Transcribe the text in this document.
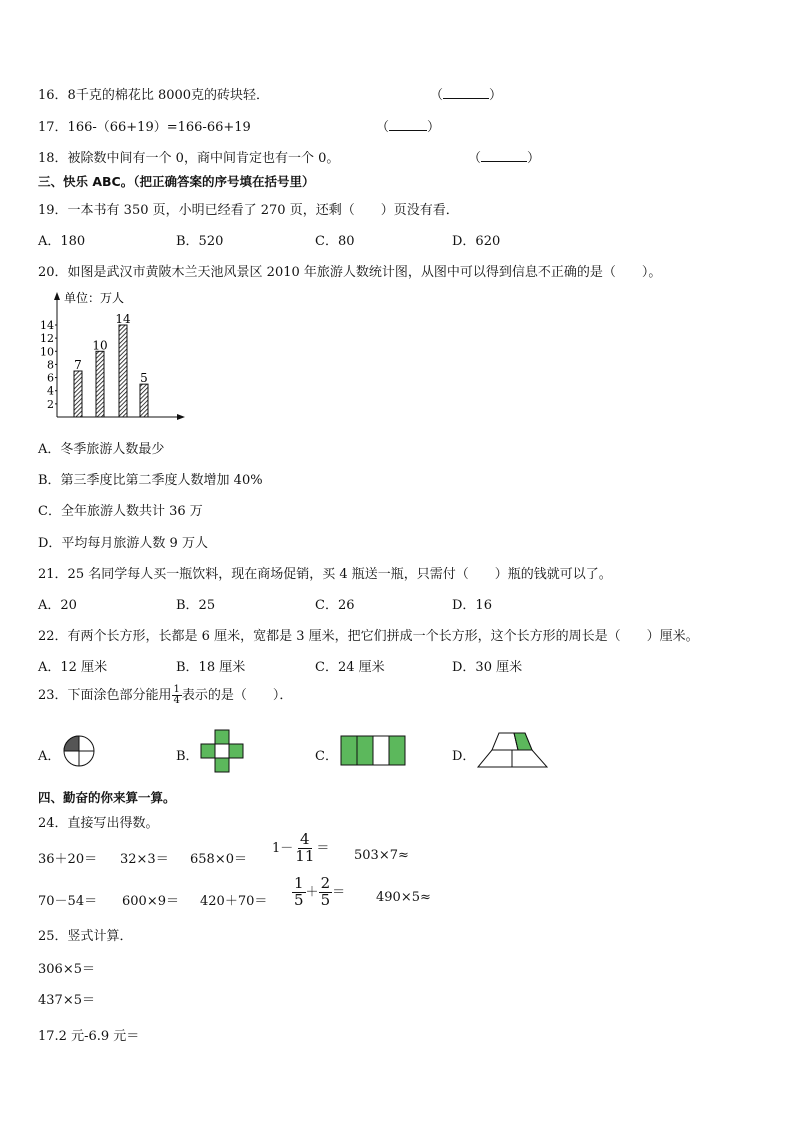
16．8千克的棉花比 8000克的砖块轻．	（	）
17．166-（66+19）=166-66+19	（	）
18．被除数中间有一个 0，商中间肯定也有一个 0。	（	）
三、快乐 ABC。（把正确答案的序号填在括号里）
19．一本书有 350 页，小明已经看了 270 页，还剩（　　）页没有看．
A．180	B．520	C．80	D．620
20．如图是武汉市黄陂木兰天池风景区 2010 年旅游人数统计图，从图中可以得到信息不正确的是（　　）。
单位：万人
2
4
6
8
10
12
14
7
10
14
5
A．冬季旅游人数最少
B．第三季度比第二季度人数增加 40%
C．全年旅游人数共计 36 万
D．平均每月旅游人数 9 万人
21．25 名同学每人买一瓶饮料，现在商场促销，买 4 瓶送一瓶，只需付（　　）瓶的钱就可以了。
A．20	B．25	C．26	D．16
22．有两个长方形，长都是 6 厘米，宽都是 3 厘米，把它们拼成一个长方形，这个长方形的周长是（　　）厘米。
A．12 厘米	B．18 厘米	C．24 厘米	D．30 厘米
23．下面涂色部分能用 $\frac{1}{4}$ 表示的是（　　）．
A．	B．	C．	D．
四、勤奋的你来算一算。
24．直接写出得数。
36＋20＝ 32×3＝ 658×0＝
$1- \frac{4}{11} = 503\times 7\approx$
$70-54= 600\times 9= 420+70= \frac{1}{5} + \frac{2}{5} = 490\times 5\approx$
25．竖式计算．
306×5＝
437×5＝
17.2 元-6.9 元＝
